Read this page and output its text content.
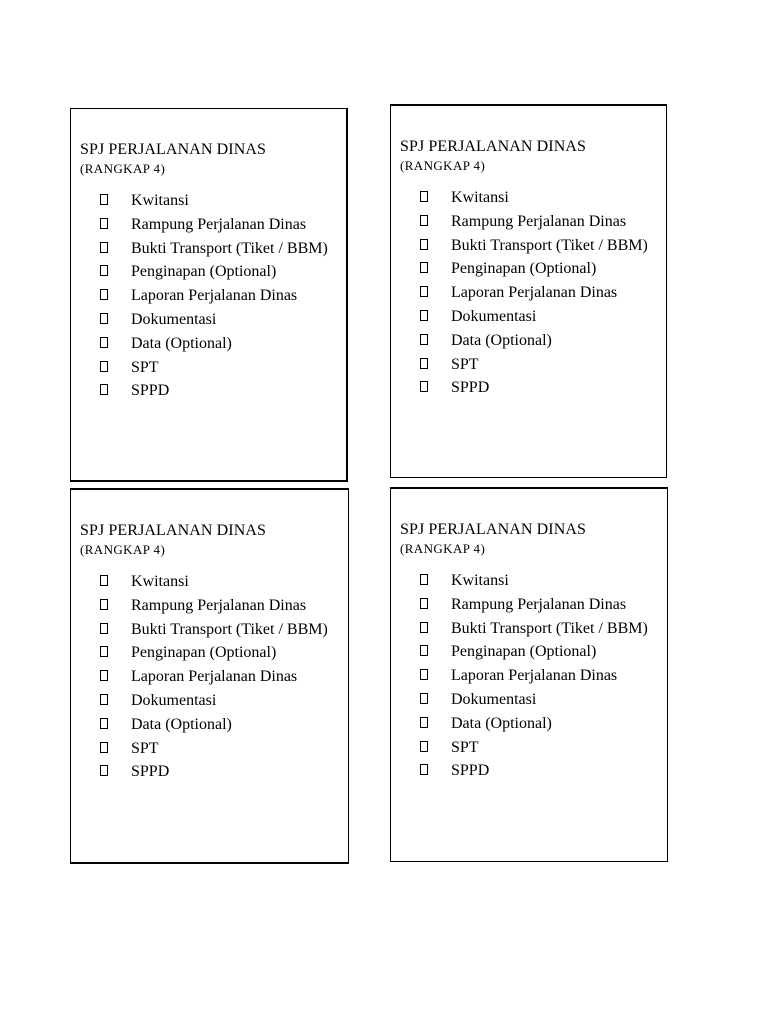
SPJ PERJALANAN DINAS
(RANGKAP 4)
Kwitansi
Rampung Perjalanan Dinas
Bukti Transport (Tiket / BBM)
Penginapan (Optional)
Laporan Perjalanan Dinas
Dokumentasi
Data (Optional)
SPT
SPPD
SPJ PERJALANAN DINAS
(RANGKAP 4)
Kwitansi
Rampung Perjalanan Dinas
Bukti Transport (Tiket / BBM)
Penginapan (Optional)
Laporan Perjalanan Dinas
Dokumentasi
Data (Optional)
SPT
SPPD
SPJ PERJALANAN DINAS
(RANGKAP 4)
Kwitansi
Rampung Perjalanan Dinas
Bukti Transport (Tiket / BBM)
Penginapan (Optional)
Laporan Perjalanan Dinas
Dokumentasi
Data (Optional)
SPT
SPPD
SPJ PERJALANAN DINAS
(RANGKAP 4)
Kwitansi
Rampung Perjalanan Dinas
Bukti Transport (Tiket / BBM)
Penginapan (Optional)
Laporan Perjalanan Dinas
Dokumentasi
Data (Optional)
SPT
SPPD
